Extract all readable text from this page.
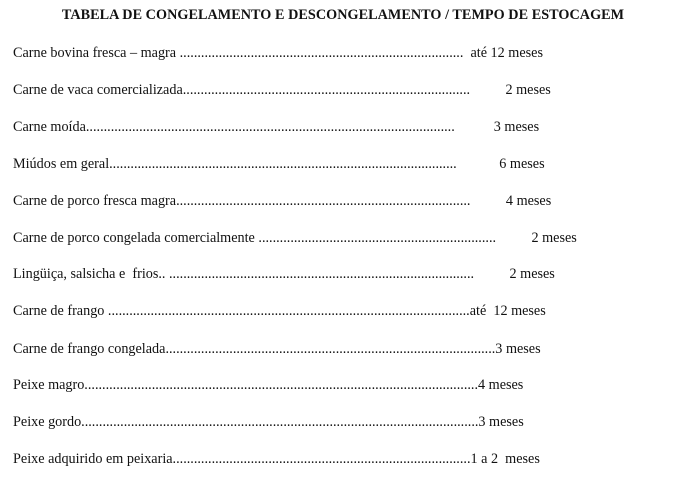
TABELA DE CONGELAMENTO E DESCONGELAMENTO / TEMPO DE ESTOCAGEM
Carne bovina fresca – magra ................................................................................  até 12 meses
Carne de vaca comercializada.................................................................................          2 meses
Carne moída........................................................................................................           3 meses
Miúdos em geral..................................................................................................            6 meses
Carne de porco fresca magra...................................................................................          4 meses
Carne de porco congelada comercialmente ...................................................................          2 meses
Lingüiça, salsicha e  frios.. ......................................................................................          2 meses
Carne de frango ......................................................................................................até  12 meses
Carne de frango congelada.............................................................................................3 meses
Peixe magro...............................................................................................................4 meses
Peixe gordo................................................................................................................3 meses
Peixe adquirido em peixaria....................................................................................1 a 2  meses
